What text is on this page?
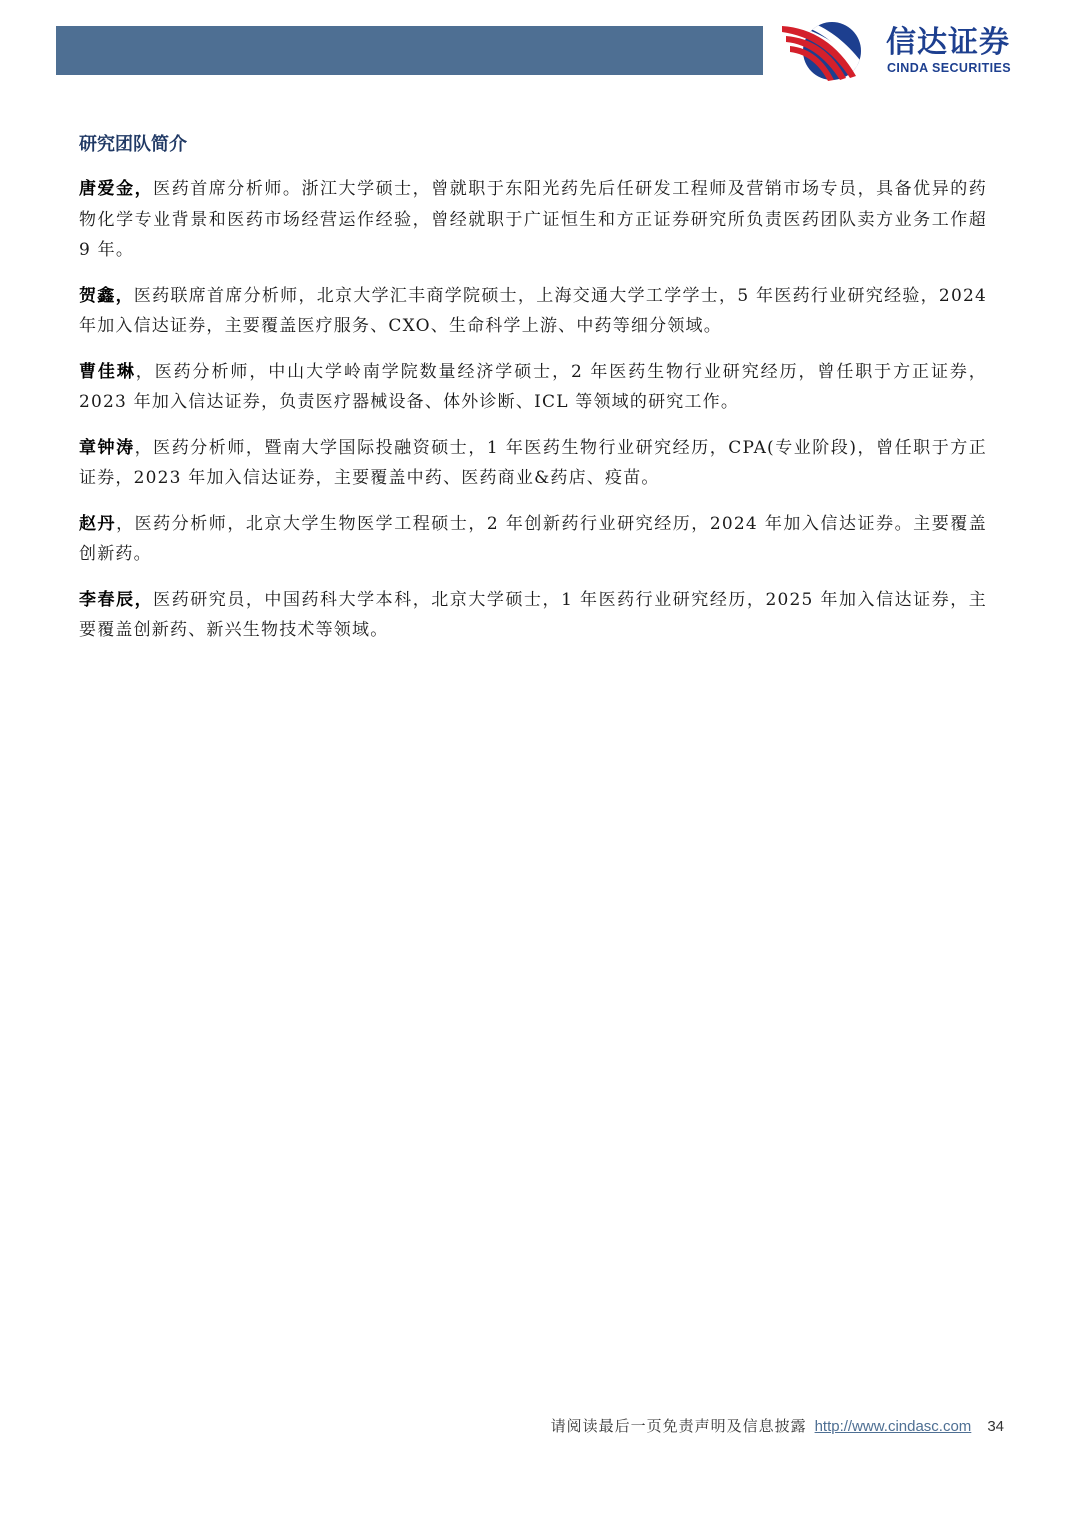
信达证券
CINDA SECURITIES
研究团队简介

唐爱金，医药首席分析师。浙江大学硕士，曾就职于东阳光药先后任研发工程师及营销市场专员，具备优异的药物化学专业背景和医药市场经营运作经验，曾经就职于广证恒生和方正证券研究所负责医药团队卖方业务工作超 9 年。

贺鑫，医药联席首席分析师，北京大学汇丰商学院硕士，上海交通大学工学学士，5 年医药行业研究经验，2024 年加入信达证券，主要覆盖医疗服务、CXO、生命科学上游、中药等细分领域。

曹佳琳，医药分析师，中山大学岭南学院数量经济学硕士，2 年医药生物行业研究经历，曾任职于方正证券，2023 年加入信达证券，负责医疗器械设备、体外诊断、ICL 等领域的研究工作。

章钟涛，医药分析师，暨南大学国际投融资硕士，1 年医药生物行业研究经历，CPA(专业阶段)，曾任职于方正证券，2023 年加入信达证券，主要覆盖中药、医药商业&药店、疫苗。

赵丹，医药分析师，北京大学生物医学工程硕士，2 年创新药行业研究经历，2024 年加入信达证券。主要覆盖创新药。

李春辰，医药研究员，中国药科大学本科，北京大学硕士，1 年医药行业研究经历，2025 年加入信达证券，主要覆盖创新药、新兴生物技术等领域。

请阅读最后一页免责声明及信息披露 http://www.cindasc.com 34
